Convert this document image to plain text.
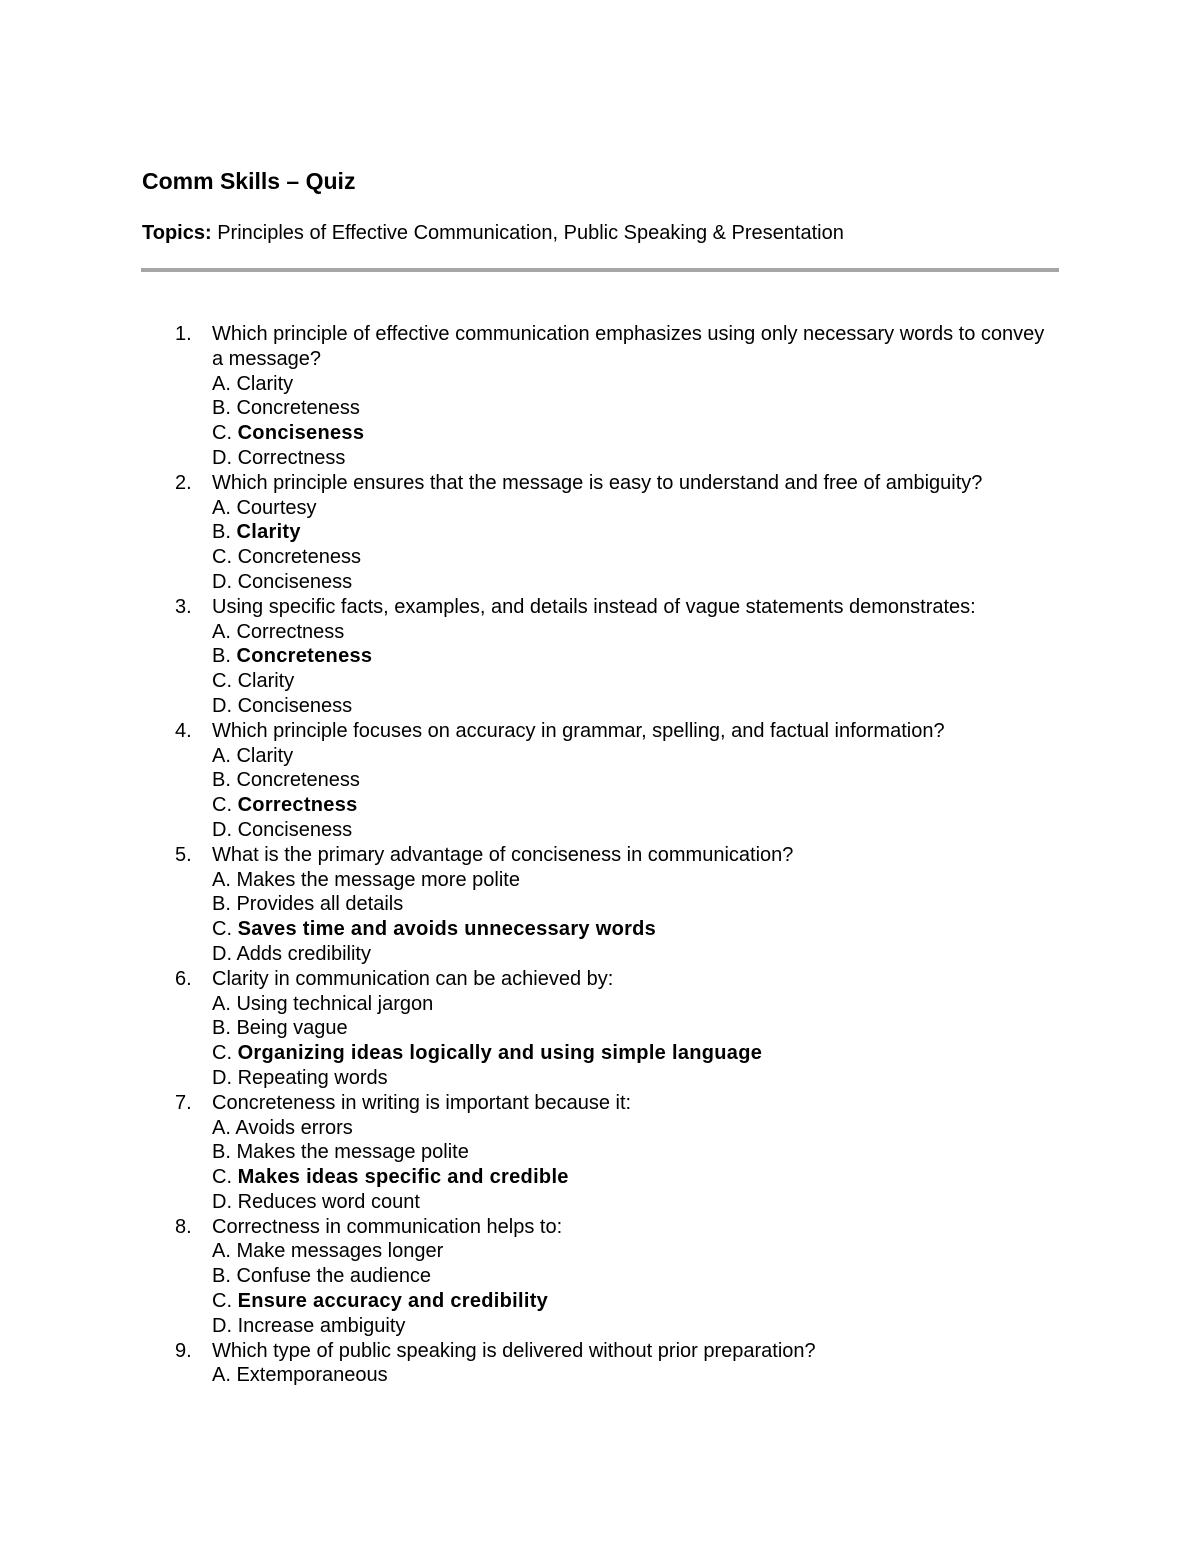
Comm Skills – Quiz
Topics: Principles of Effective Communication, Public Speaking & Presentation
1. Which principle of effective communication emphasizes using only necessary words to convey a message?
A. Clarity
B. Concreteness
C. Conciseness
D. Correctness
2. Which principle ensures that the message is easy to understand and free of ambiguity?
A. Courtesy
B. Clarity
C. Concreteness
D. Conciseness
3. Using specific facts, examples, and details instead of vague statements demonstrates:
A. Correctness
B. Concreteness
C. Clarity
D. Conciseness
4. Which principle focuses on accuracy in grammar, spelling, and factual information?
A. Clarity
B. Concreteness
C. Correctness
D. Conciseness
5. What is the primary advantage of conciseness in communication?
A. Makes the message more polite
B. Provides all details
C. Saves time and avoids unnecessary words
D. Adds credibility
6. Clarity in communication can be achieved by:
A. Using technical jargon
B. Being vague
C. Organizing ideas logically and using simple language
D. Repeating words
7. Concreteness in writing is important because it:
A. Avoids errors
B. Makes the message polite
C. Makes ideas specific and credible
D. Reduces word count
8. Correctness in communication helps to:
A. Make messages longer
B. Confuse the audience
C. Ensure accuracy and credibility
D. Increase ambiguity
9. Which type of public speaking is delivered without prior preparation?
A. Extemporaneous
